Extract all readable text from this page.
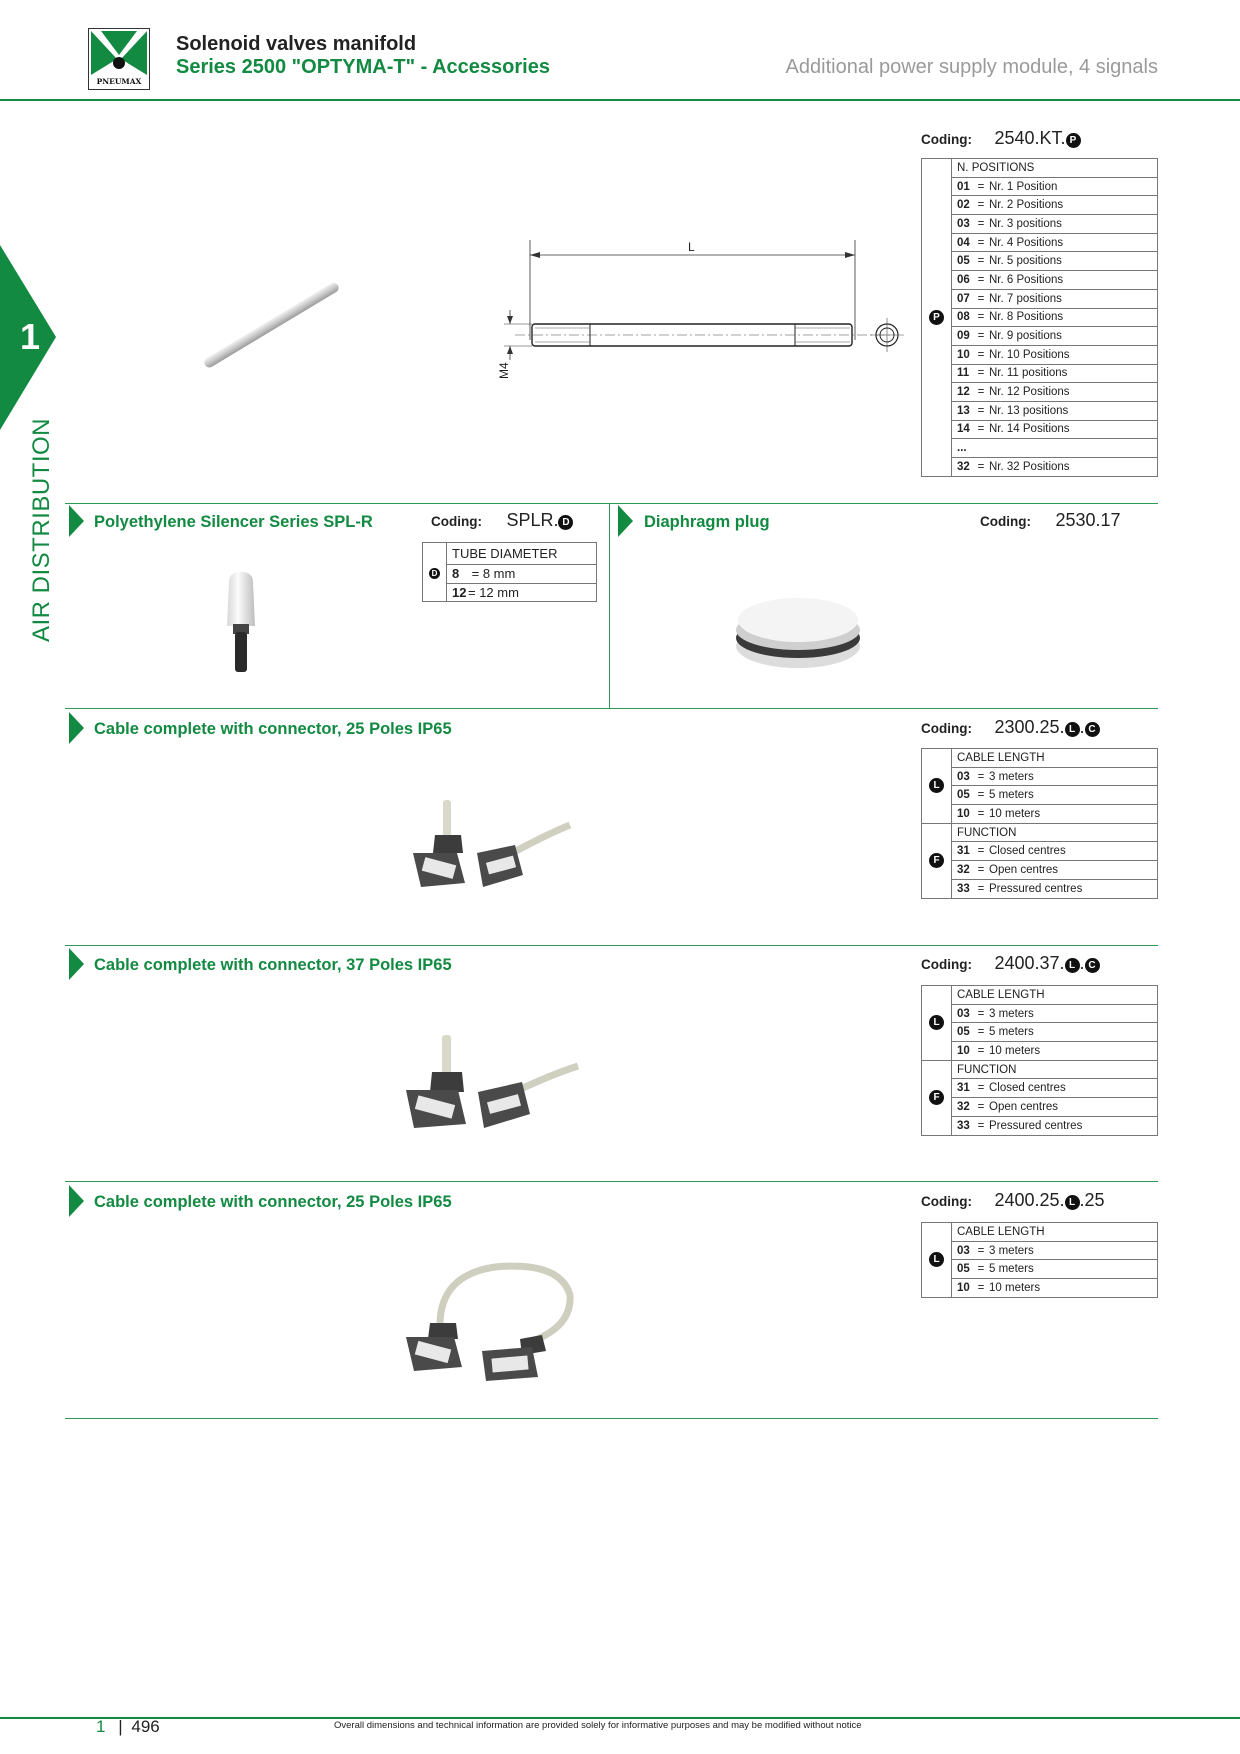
PNEUMAX
Solenoid valves manifold
Series 2500 "OPTYMA-T" - Accessories	Additional power supply module, 4 signals
1
AIR DISTRIBUTION
Coding: 2540.KT. P
L
M4
P	N. POSITIONS
01 = Nr. 1 Position
02 = Nr. 2 Positions
03 = Nr. 3 positions
04 = Nr. 4 Positions
05 = Nr. 5 positions
06 = Nr. 6 Positions
07 = Nr. 7 positions
08 = Nr. 8 Positions
09 = Nr. 9 positions
10 = Nr. 10 Positions
11 = Nr. 11 positions
12 = Nr. 12 Positions
13 = Nr. 13 positions
14 = Nr. 14 Positions
...
32 = Nr. 32 Positions
Polyethylene Silencer Series SPL-R	Coding: SPLR. D
D	TUBE DIAMETER
8 = 8 mm
12 = 12 mm
Diaphragm plug	Coding: 2530.17
Cable complete with connector, 25 Poles IP65	Coding: 2300.25. L . C
L	CABLE LENGTH
	03 = 3 meters
	05 = 5 meters
	10 = 10 meters
F	FUNCTION
	31 = Closed centres
	32 = Open centres
	33 = Pressured centres
Cable complete with connector, 37 Poles IP65	Coding: 2400.37. L . C
L	CABLE LENGTH
	03 = 3 meters
	05 = 5 meters
	10 = 10 meters
F	FUNCTION
	31 = Closed centres
	32 = Open centres
	33 = Pressured centres
Cable complete with connector, 25 Poles IP65	Coding: 2400.25. L .25
L	CABLE LENGTH
03 = 3 meters
05 = 5 meters
10 = 10 meters
1 | 496	Overall dimensions and technical information are provided solely for informative purposes and may be modified without notice
